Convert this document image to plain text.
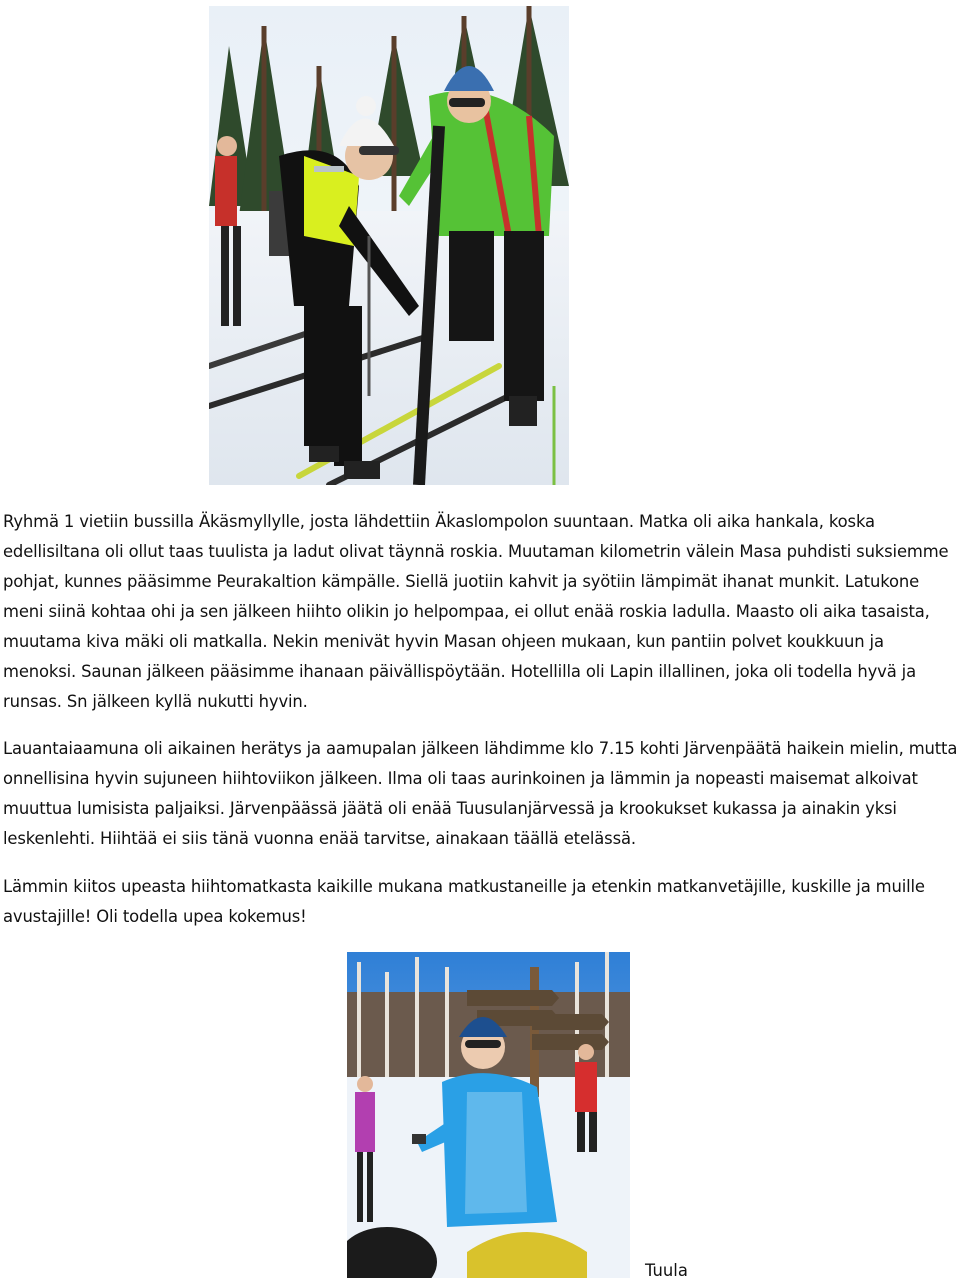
Ryhmä 1 vietiin bussilla Äkäsmyllylle, josta lähdettiin Äkaslompolon suuntaan. Matka oli aika hankala, koska edellisiltana oli ollut taas tuulista ja ladut olivat täynnä roskia. Muutaman kilometrin välein Masa puhdisti suksiemme pohjat, kunnes pääsimme Peurakaltion kämpälle. Siellä juotiin kahvit ja syötiin lämpimät ihanat munkit. Latukone meni siinä kohtaa ohi ja sen jälkeen hiihto olikin jo helpompaa, ei ollut enää roskia ladulla. Maasto oli aika tasaista, muutama kiva mäki oli matkalla. Nekin menivät hyvin Masan ohjeen mukaan, kun pantiin polvet koukkuun ja menoksi. Saunan jälkeen pääsimme ihanaan päivällispöytään. Hotellilla oli Lapin illallinen, joka oli todella hyvä ja runsas. Sn jälkeen kyllä nukutti hyvin.

Lauantaiaamuna oli aikainen herätys ja aamupalan jälkeen lähdimme klo 7.15 kohti Järvenpäätä haikein mielin, mutta onnellisina hyvin sujuneen hiihtoviikon jälkeen. Ilma oli taas aurinkoinen ja lämmin ja nopeasti maisemat alkoivat muuttua lumisista paljaiksi. Järvenpäässä jäätä oli enää Tuusulanjärvessä ja krookukset kukassa ja ainakin yksi leskenlehti. Hiihtää ei siis tänä vuonna enää tarvitse, ainakaan täällä etelässä.

Lämmin kiitos upeasta hiihtomatkasta kaikille mukana matkustaneille ja etenkin matkanvetäjille, kuskille ja muille avustajille! Oli todella upea kokemus!

Tuula
